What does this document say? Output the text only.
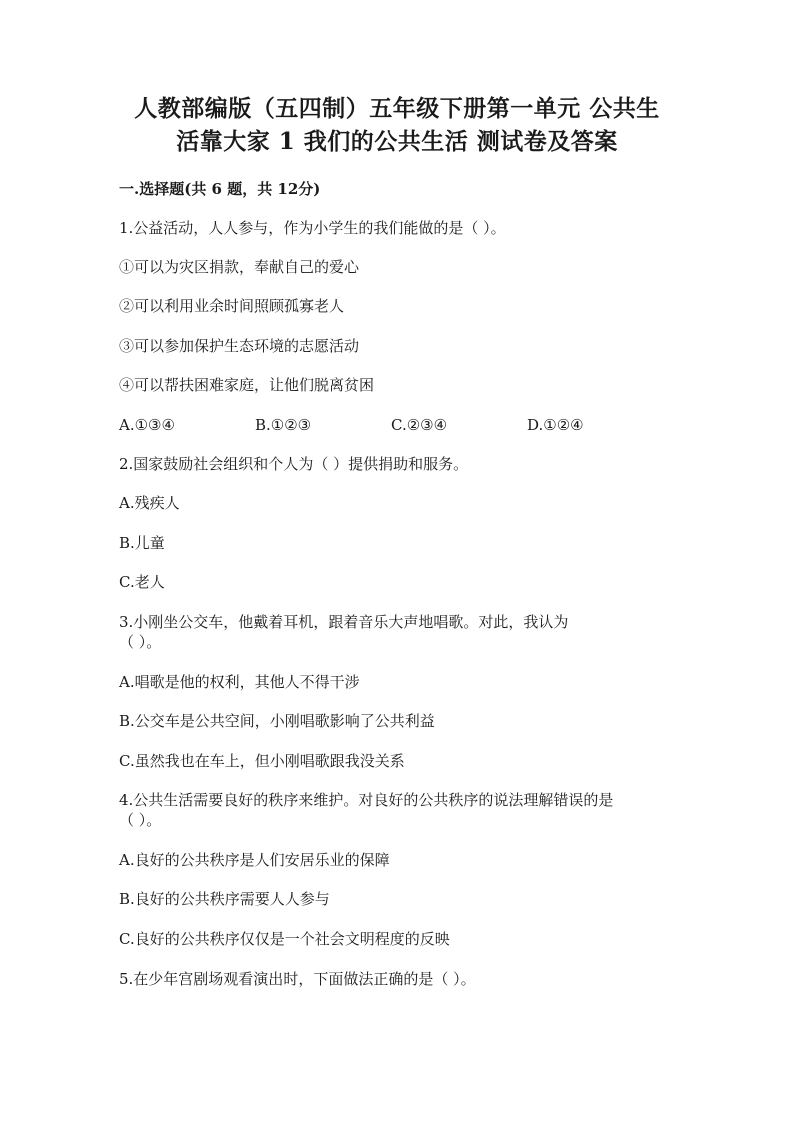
人教部编版（五四制）五年级下册第一单元 公共生
活靠大家 1 我们的公共生活 测试卷及答案
一.选择题(共 6 题，共 12分)
1.公益活动，人人参与，作为小学生的我们能做的是（ ）。
①可以为灾区捐款，奉献自己的爱心
②可以利用业余时间照顾孤寡老人
③可以参加保护生态环境的志愿活动
④可以帮扶困难家庭，让他们脱离贫困
A.①③④	B.①②③	C.②③④	D.①②④
2.国家鼓励社会组织和个人为（ ）提供捐助和服务。
A.残疾人
B.儿童
C.老人
3.小刚坐公交车，他戴着耳机，跟着音乐大声地唱歌。对此，我认为
（ ）。
A.唱歌是他的权利，其他人不得干涉
B.公交车是公共空间，小刚唱歌影响了公共利益
C.虽然我也在车上，但小刚唱歌跟我没关系
4.公共生活需要良好的秩序来维护。对良好的公共秩序的说法理解错误的是
（ ）。
A.良好的公共秩序是人们安居乐业的保障
B.良好的公共秩序需要人人参与
C.良好的公共秩序仅仅是一个社会文明程度的反映
5.在少年宫剧场观看演出时，下面做法正确的是（ ）。
